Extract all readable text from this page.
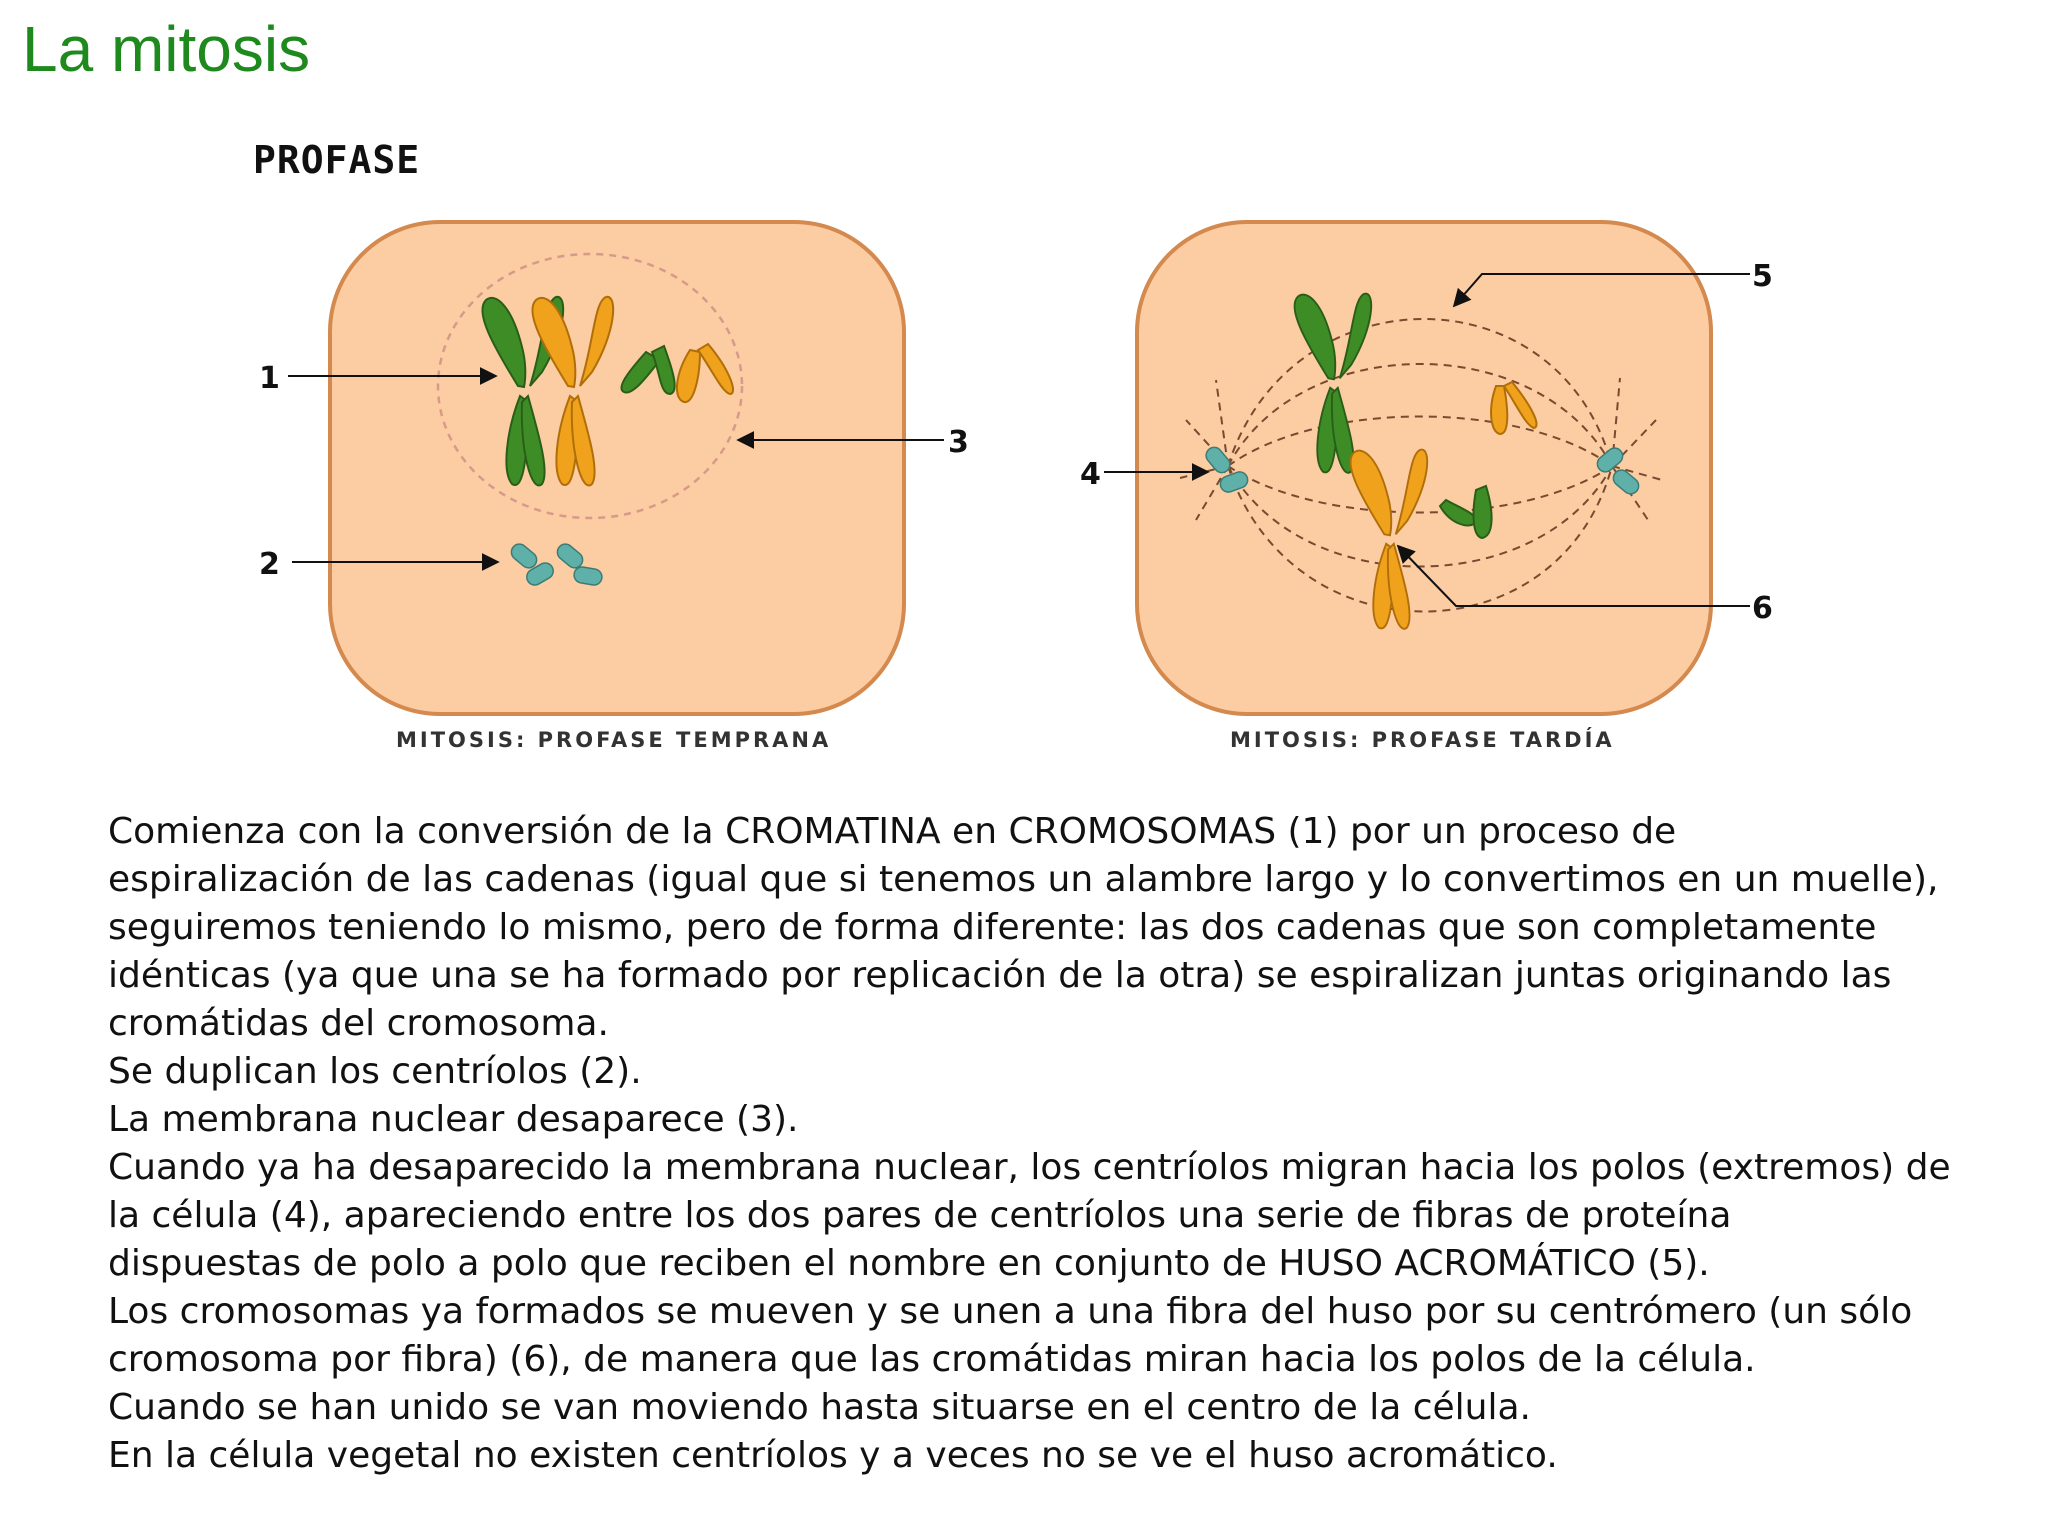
La mitosis
PROFASE
1
2
3
MITOSIS: PROFASE TEMPRANA
4
5
6
MITOSIS: PROFASE TARDÍA
Comienza con la conversión de la CROMATINA en CROMOSOMAS (1) por un proceso de
espiralización de las cadenas (igual que si tenemos un alambre largo y lo convertimos en un muelle),
seguiremos teniendo lo mismo, pero de forma diferente: las dos cadenas que son completamente
idénticas (ya que una se ha formado por replicación de la otra) se espiralizan juntas originando las
cromátidas del cromosoma.
Se duplican los centríolos (2).
La membrana nuclear desaparece (3).
Cuando ya ha desaparecido la membrana nuclear, los centríolos migran hacia los polos (extremos) de
la célula (4), apareciendo entre los dos pares de centríolos una serie de fibras de proteína
dispuestas de polo a polo que reciben el nombre en conjunto de HUSO ACROMÁTICO (5).
Los cromosomas ya formados se mueven y se unen a una fibra del huso por su centrómero (un sólo
cromosoma por fibra) (6), de manera que las cromátidas miran hacia los polos de la célula.
Cuando se han unido se van moviendo hasta situarse en el centro de la célula.
En la célula vegetal no existen centríolos y a veces no se ve el huso acromático.
